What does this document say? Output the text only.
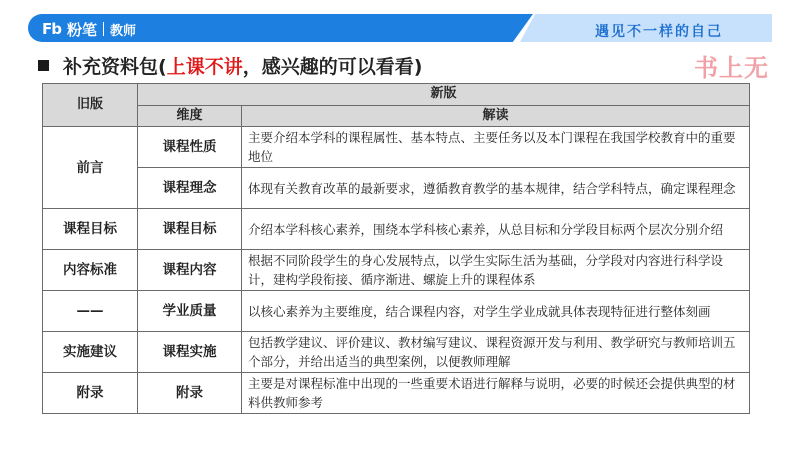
Fb 粉笔 教师	遇见不一样的自己
补充资料包( 上课不讲 ，感兴趣的可以看看)	书上无
旧版	新版	
	维度	解读
前言	课程性质	主要介绍本学科的课程属性、基本特点、主要任务以及本门课程在我国学校教育中的重要地位
	课程理念	体现有关教育改革的最新要求，遵循教育教学的基本规律，结合学科特点，确定课程理念
课程目标	课程目标	介绍本学科核心素养，围绕本学科核心素养，从总目标和分学段目标两个层次分别介绍
内容标准	课程内容	根据不同阶段学生的身心发展特点，以学生实际生活为基础，分学段对内容进行科学设计，建构学段衔接、循序渐进、螺旋上升的课程体系
——	学业质量	以核心素养为主要维度，结合课程内容，对学生学业成就具体表现特征进行整体刻画
实施建议	课程实施	包括教学建议、评价建议、教材编写建议、课程资源开发与利用、教学研究与教师培训五个部分，并给出适当的典型案例，以便教师理解
附录	附录	主要是对课程标准中出现的一些重要术语进行解释与说明，必要的时候还会提供典型的材料供教师参考
